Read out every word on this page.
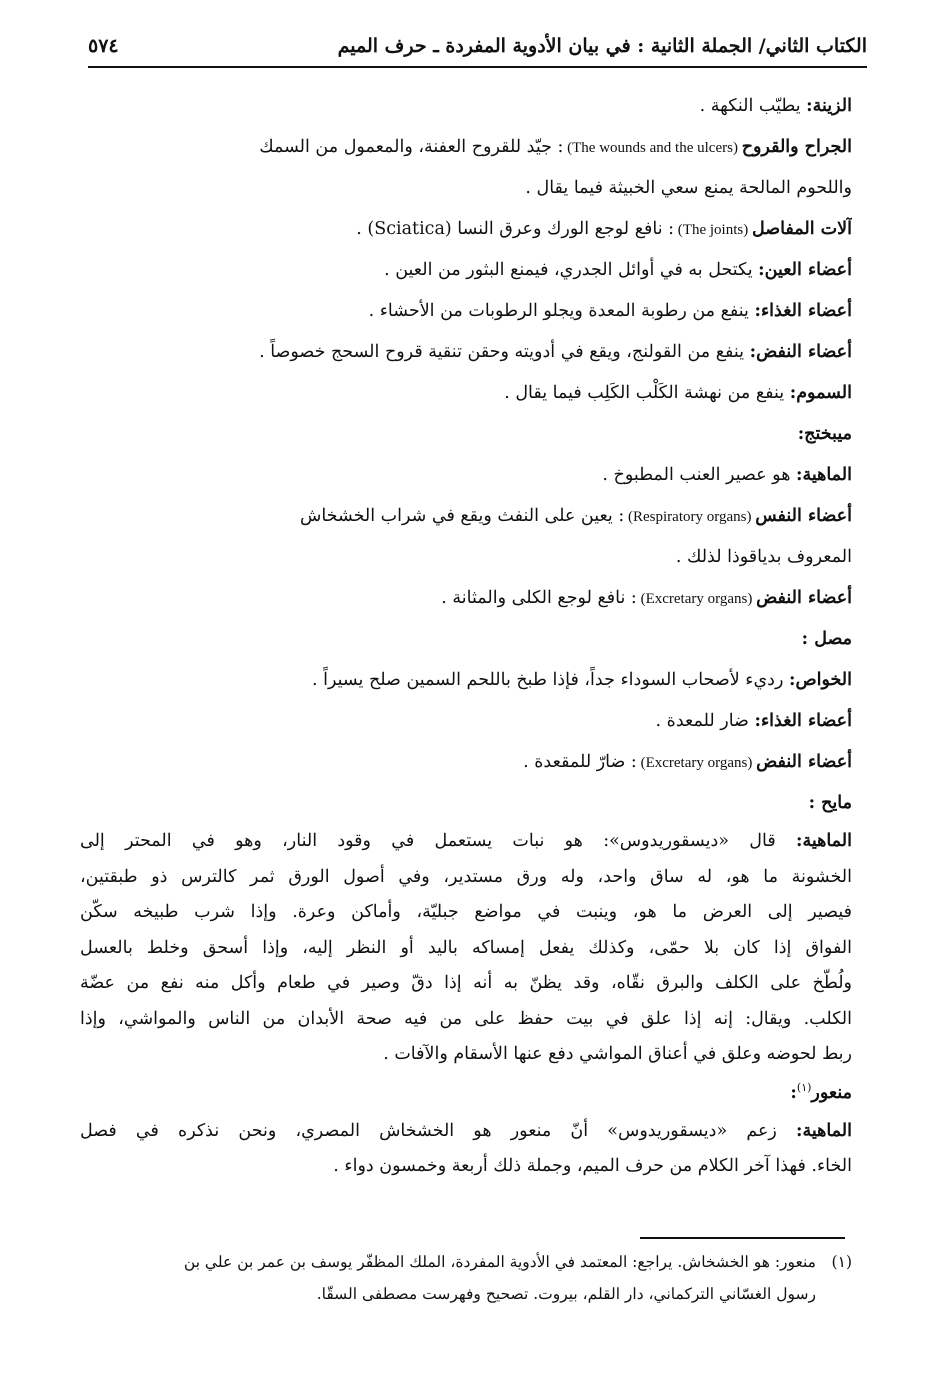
الكتاب الثاني/ الجملة الثانية : في بيان الأدوية المفردة ـ حرف الميم
٥٧٤
الزينة: يطيّب النكهة .
الجراح والقروح (The wounds and the ulcers) : جيّد للقروح العفنة، والمعمول من السمك
واللحوم المالحة يمنع سعي الخبيثة فيما يقال .
آلات المفاصل (The joints) : نافع لوجع الورك وعرق النسا (Sciatica) .
أعضاء العين: يكتحل به في أوائل الجدري، فيمنع البثور من العين .
أعضاء الغذاء: ينفع من رطوبة المعدة ويجلو الرطوبات من الأحشاء .
أعضاء النفض: ينفع من القولنج، ويقع في أدويته وحقن تنقية قروح السحج خصوصاً .
السموم: ينفع من نهشة الكَلْب الكَلِب فيما يقال .
ميبختج:
الماهية: هو عصير العنب المطبوخ .
أعضاء النفس (Respiratory organs) : يعين على النفث ويقع في شراب الخشخاش
المعروف بدياقوذا لذلك .
أعضاء النفض (Excretary organs) : نافع لوجع الكلى والمثانة .
مصل :
الخواص: رديء لأصحاب السوداء جداً، فإذا طبخ باللحم السمين صلح يسيراً .
أعضاء الغذاء: ضار للمعدة .
أعضاء النفض (Excretary organs) : ضارّ للمقعدة .
مايح :
الماهية: قال «ديسقوريدوس»: هو نبات يستعمل في وقود النار، وهو في المحتر إلى
الخشونة ما هو، له ساق واحد، وله ورق مستدير، وفي أصول الورق ثمر كالترس ذو طبقتين،
فيصير إلى العرض ما هو، وينبت في مواضع جبليّة، وأماكن وعرة. وإذا شرب طبيخه سكّن
الفواق إذا كان بلا حمّى، وكذلك يفعل إمساكه باليد أو النظر إليه، وإذا أسحق وخلط بالعسل
ولُطّخ على الكلف والبرق نقّاه، وقد يظنّ به أنه إذا دقّ وصير في طعام وأكل منه نفع من عضّة
الكلب. ويقال: إنه إذا علق في بيت حفظ على من فيه صحة الأبدان من الناس والمواشي، وإذا
ربط لحوضه وعلق في أعناق المواشي دفع عنها الأسقام والآفات .
منعور$^{(١)}$:
الماهية: زعم «ديسقوريدوس» أنّ منعور هو الخشخاش المصري، ونحن نذكره في فصل
الخاء. فهذا آخر الكلام من حرف الميم، وجملة ذلك أربعة وخمسون دواء .
(١)منعور: هو الخشخاش. يراجع: المعتمد في الأدوية المفردة، الملك المظفّر يوسف بن عمر بن علي بن
رسول الغسّاني التركماني، دار القلم، بيروت. تصحيح وفهرست مصطفى السقّا.
